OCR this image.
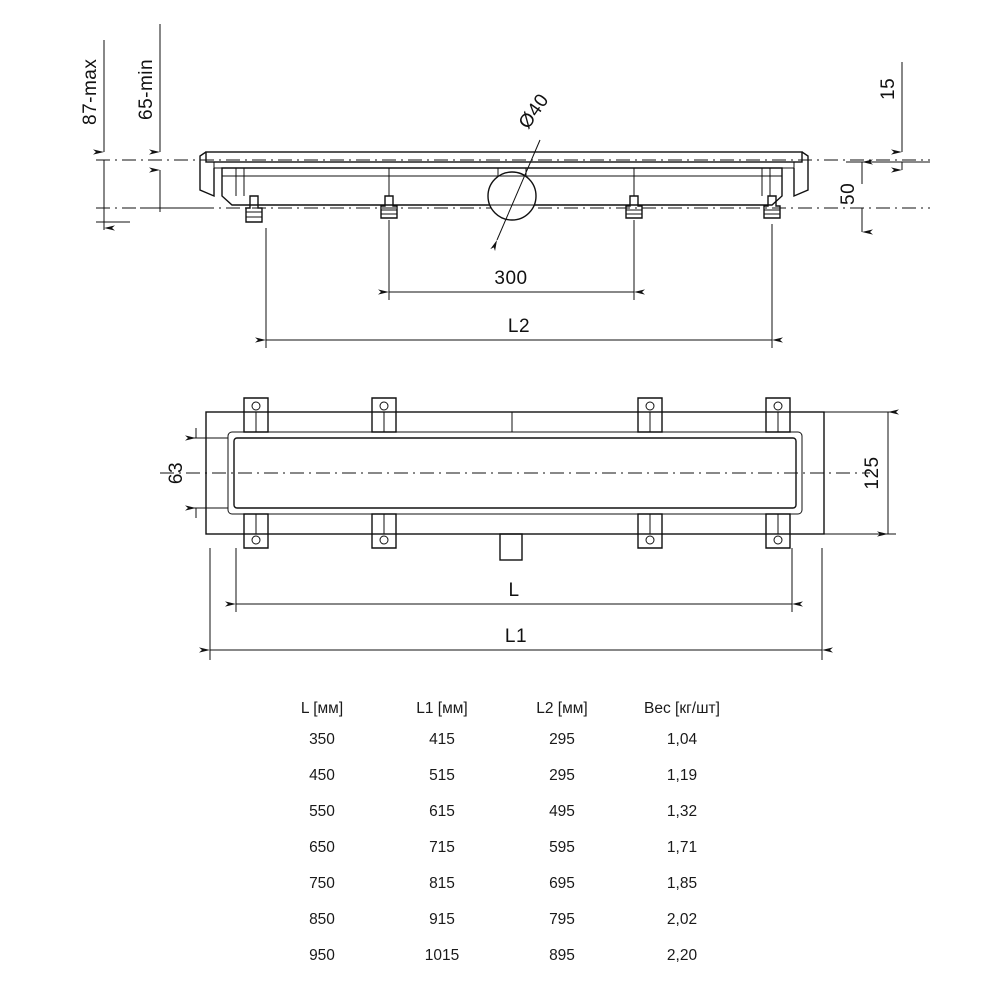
87-max 65-min	Ø40
300
L2
15
50
63	125
L
L1
L [мм]	L1 [мм]	L2 [мм]	Вес [кг/шт]
350	415	295	1,04
450	515	295	1,19
550	615	495	1,32
650	715	595	1,71
750	815	695	1,85
850	915	795	2,02
950	1015	895	2,20
